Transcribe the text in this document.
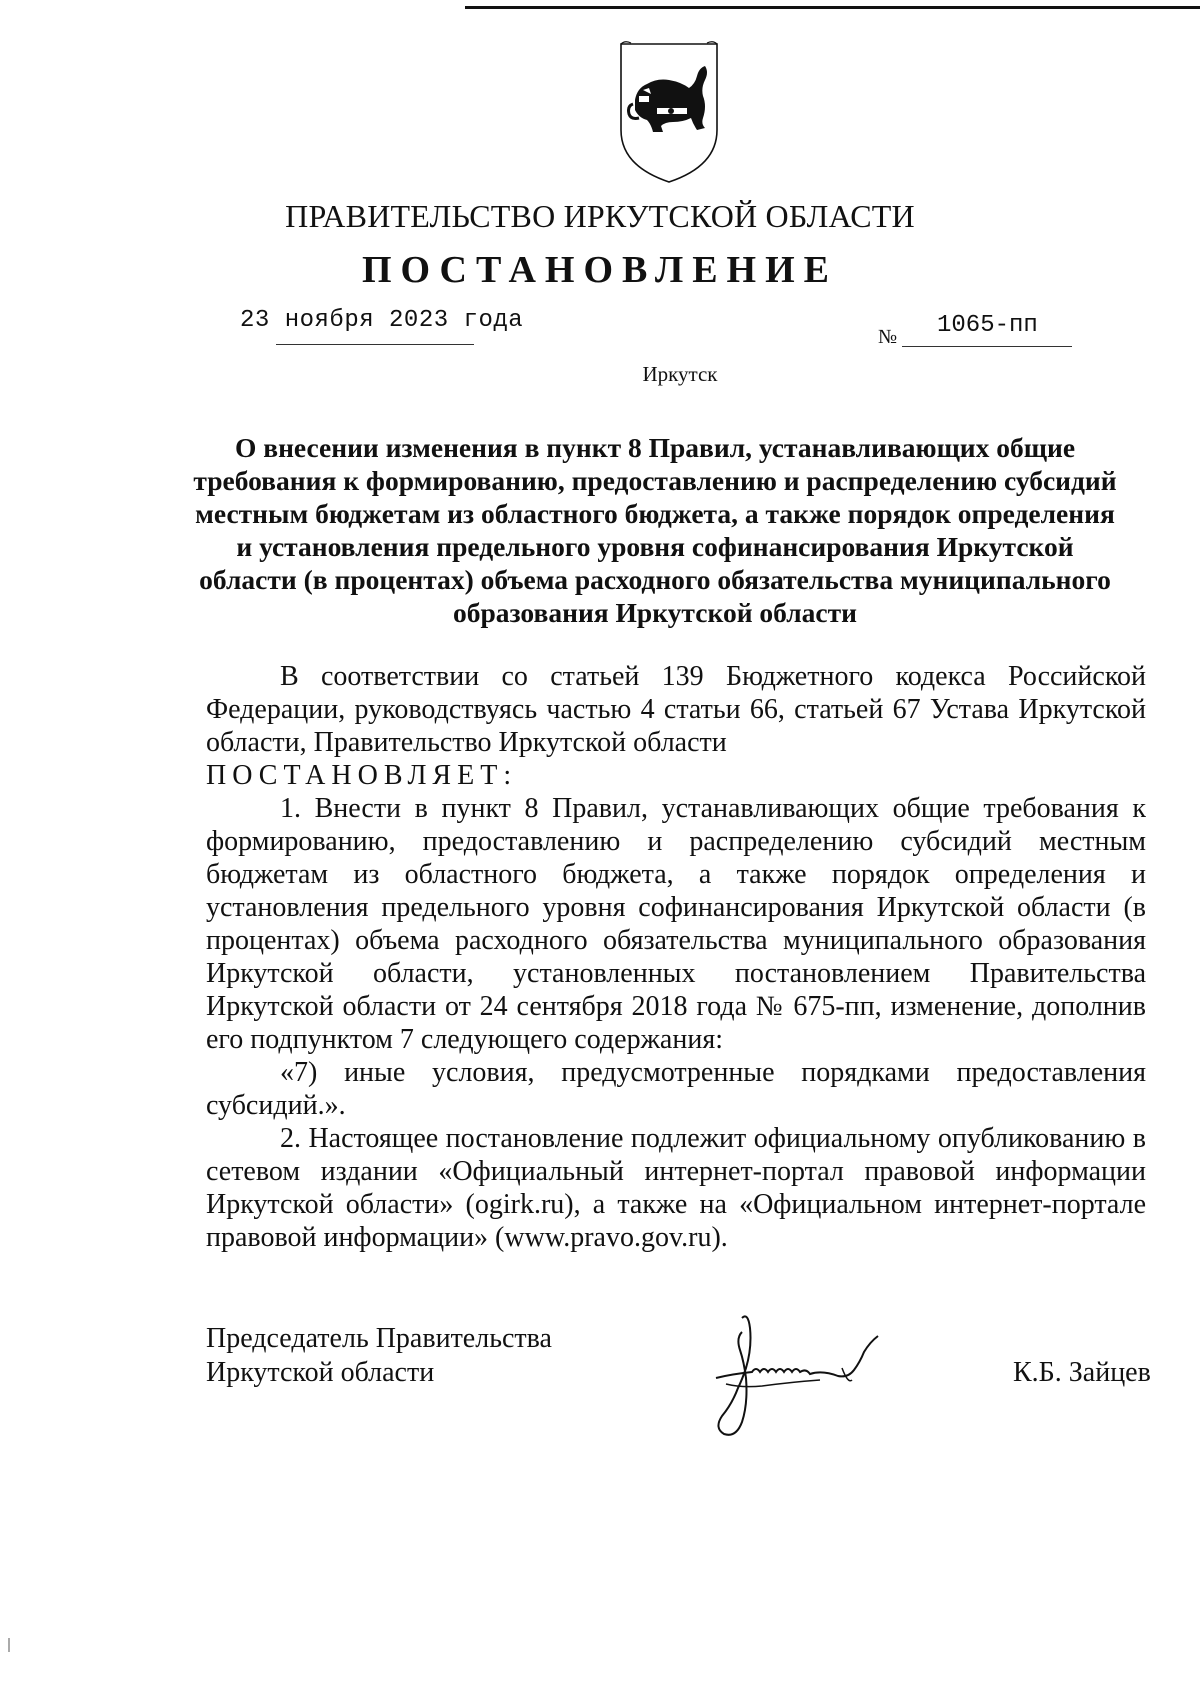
ПРАВИТЕЛЬСТВО ИРКУТСКОЙ ОБЛАСТИ
ПОСТАНОВЛЕНИЕ
23 ноября 2023 года
№ 1065-пп
Иркутск
О внесении изменения в пункт 8 Правил, устанавливающих общие требования к формированию, предоставлению и распределению субсидий местным бюджетам из областного бюджета, а также порядок определения и установления предельного уровня софинансирования Иркутской области (в процентах) объема расходного обязательства муниципального образования Иркутской области

В соответствии со статьей 139 Бюджетного кодекса Российской Федерации, руководствуясь частью 4 статьи 66, статьей 67 Устава Иркутской области, Правительство Иркутской области

ПОСТАНОВЛЯЕТ:

1. Внести в пункт 8 Правил, устанавливающих общие требования к формированию, предоставлению и распределению субсидий местным бюджетам из областного бюджета, а также порядок определения и установления предельного уровня софинансирования Иркутской области (в процентах) объема расходного обязательства муниципального образования Иркутской области, установленных постановлением Правительства Иркутской области от 24 сентября 2018 года № 675-пп, изменение, дополнив его подпунктом 7 следующего содержания:

«7) иные условия, предусмотренные порядками предоставления субсидий.».

2. Настоящее постановление подлежит официальному опубликованию в сетевом издании «Официальный интернет-портал правовой информации Иркутской области» (ogirk.ru), а также на «Официальном интернет-портале правовой информации» (www.pravo.gov.ru).

Председатель Правительства
Иркутской области	К.Б. Зайцев
